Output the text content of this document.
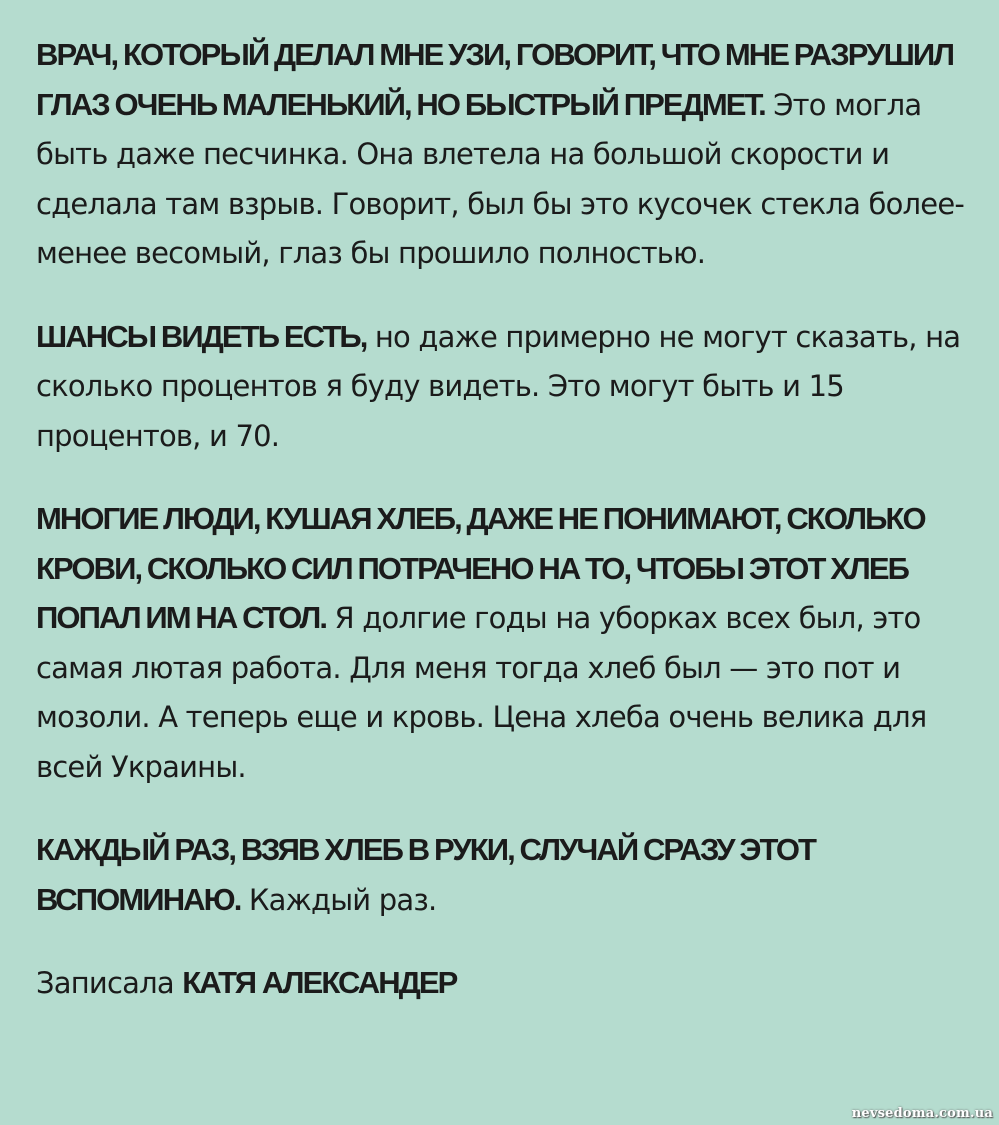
ВРАЧ, КОТОРЫЙ ДЕЛАЛ МНЕ УЗИ, ГОВОРИТ, ЧТО МНЕ РАЗРУШИЛ ГЛАЗ ОЧЕНЬ МАЛЕНЬКИЙ, НО БЫСТРЫЙ ПРЕДМЕТ. Это могла быть даже песчинка. Она влетела на большой скорости и сделала там взрыв. Говорит, был бы это кусочек стекла более-менее весомый, глаз бы прошило полностью.

ШАНСЫ ВИДЕТЬ ЕСТЬ, но даже примерно не могут сказать, на сколько процентов я буду видеть. Это могут быть и 15 процентов, и 70.

МНОГИЕ ЛЮДИ, КУШАЯ ХЛЕБ, ДАЖЕ НЕ ПОНИМАЮТ, СКОЛЬКО КРОВИ, СКОЛЬКО СИЛ ПОТРАЧЕНО НА ТО, ЧТОБЫ ЭТОТ ХЛЕБ ПОПАЛ ИМ НА СТОЛ. Я долгие годы на уборках всех был, это самая лютая работа. Для меня тогда хлеб был — это пот и мозоли. А теперь еще и кровь. Цена хлеба очень велика для всей Украины.

КАЖДЫЙ РАЗ, ВЗЯВ ХЛЕБ В РУКИ, СЛУЧАЙ СРАЗУ ЭТОТ ВСПОМИНАЮ. Каждый раз.

Записала КАТЯ АЛЕКСАНДЕР

nevsedoma.com.ua
